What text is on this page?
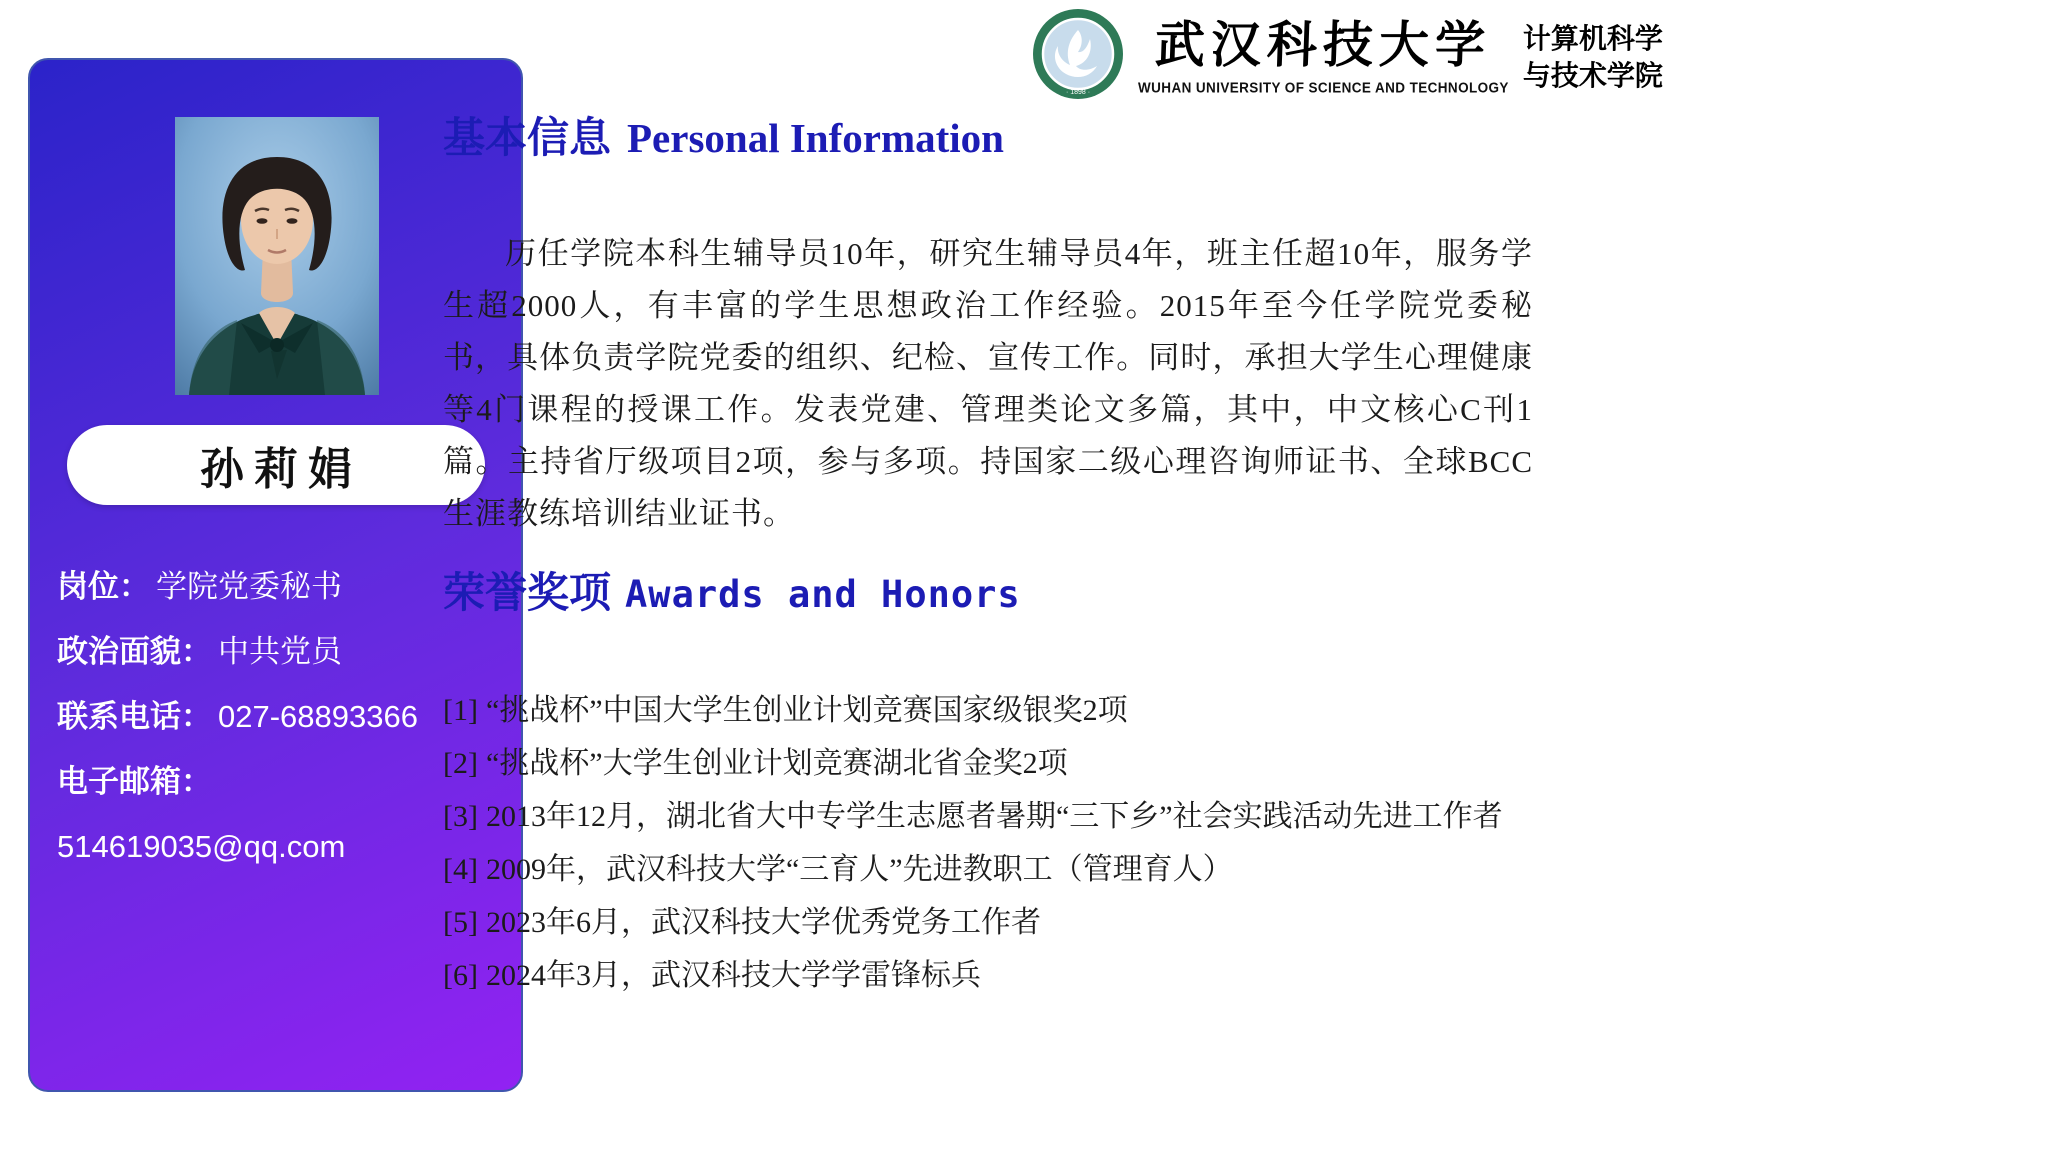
孙莉娟
岗位： 学院党委秘书
政治面貌： 中共党员
联系电话： 027-68893366
电子邮箱：
514619035@qq.com
· 1898 ·
武汉科技大学
WUHAN UNIVERSITY OF SCIENCE AND TECHNOLOGY
计算机科学
与技术学院
基本信息 Personal Information

历任学院本科生辅导员10年，研究生辅导员4年，班主任超10年，服务学生超2000人，有丰富的学生思想政治工作经验。2015年至今任学院党委秘书，具体负责学院党委的组织、纪检、宣传工作。同时，承担大学生心理健康等4门课程的授课工作。发表党建、管理类论文多篇，其中，中文核心C刊1篇。主持省厅级项目2项，参与多项。持国家二级心理咨询师证书、全球BCC生涯教练培训结业证书。

荣誉奖项 Awards and Honors
[1] “挑战杯”中国大学生创业计划竞赛国家级银奖2项
[2] “挑战杯”大学生创业计划竞赛湖北省金奖2项
[3] 2013年12月，湖北省大中专学生志愿者暑期“三下乡”社会实践活动先进工作者
[4] 2009年，武汉科技大学“三育人”先进教职工（管理育人）
[5] 2023年6月，武汉科技大学优秀党务工作者
[6] 2024年3月，武汉科技大学学雷锋标兵
